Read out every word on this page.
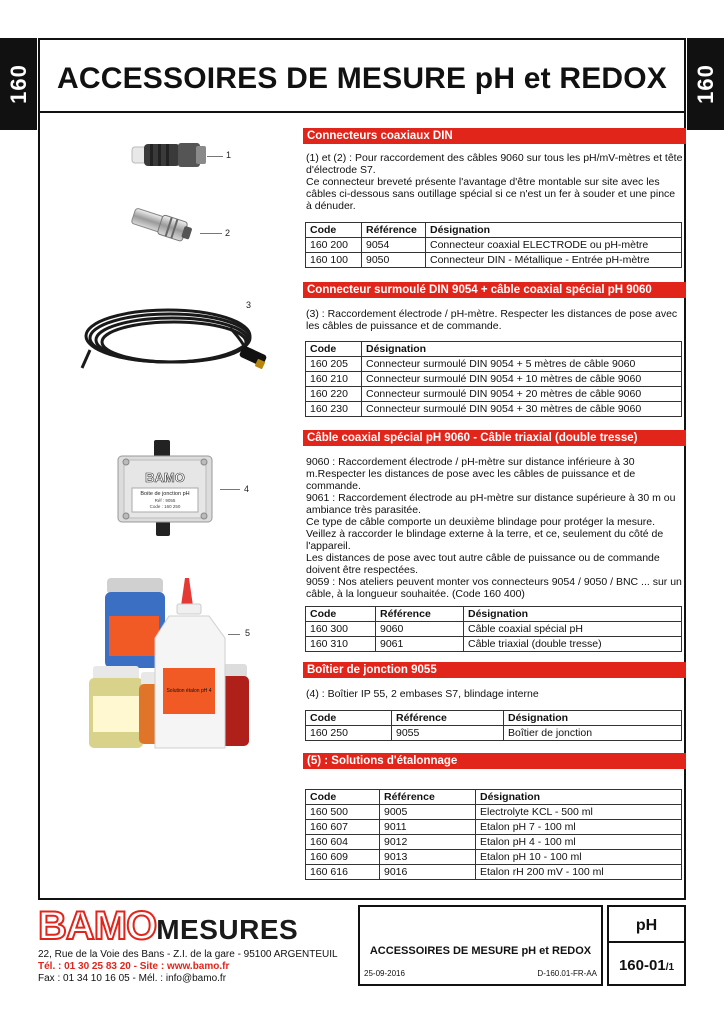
160	160
ACCESSOIRES DE MESURE pH et REDOX
1
2
3
BAMO
Boite de jonction pH
Réf : 9055
Code : 160 250
4
Solution étalon pH 4
5
Connecteurs coaxiaux DIN

(1) et (2) : Pour raccordement des câbles 9060 sur tous les pH/mV-mètres et tête d'électrode S7.

Ce connecteur breveté présente l'avantage d'être montable sur site avec les câbles ci-dessous sans outillage spécial si ce n'est un fer à souder et une pince à dénuder.

Code	Référence	Désignation
160 200	9054	Connecteur coaxial ELECTRODE ou pH-mètre
160 100	9050	Connecteur DIN - Métallique - Entrée pH-mètre
Connecteur surmoulé DIN 9054 + câble coaxial spécial pH 9060

(3) : Raccordement électrode / pH-mètre. Respecter les distances de pose avec les câbles de puissance et de commande.

Code	Désignation
160 205	Connecteur surmoulé DIN 9054 + 5 mètres de câble 9060
160 210	Connecteur surmoulé DIN 9054 + 10 mètres de câble 9060
160 220	Connecteur surmoulé DIN 9054 + 20 mètres de câble 9060
160 230	Connecteur surmoulé DIN 9054 + 30 mètres de câble 9060
Câble coaxial spécial pH 9060 - Câble triaxial (double tresse)

9060 : Raccordement électrode / pH-mètre sur distance inférieure à 30 m.Respecter les distances de pose avec les câbles de puissance et de commande.

9061 : Raccordement électrode au pH-mètre sur distance supérieure à 30 m ou ambiance très parasitée.

Ce type de câble comporte un deuxième blindage pour protéger la mesure. Veillez à raccorder le blindage externe à la terre, et ce, seulement du côté de l'appareil.

Les distances de pose avec tout autre câble de puissance ou de commande doivent être respectées.

9059 : Nos ateliers peuvent monter vos connecteurs 9054 / 9050 / BNC ... sur un câble, à la longueur souhaitée. (Code 160 400)

Code	Référence	Désignation
160 300	9060	Câble coaxial spécial pH
160 310	9061	Câble triaxial (double tresse)
Boîtier de jonction 9055

(4) : Boîtier IP 55, 2 embases S7, blindage interne

Code	Référence	Désignation
160 250	9055	Boîtier de jonction
(5) : Solutions d'étalonnage
Code	Référence	Désignation
160 500	9005	Electrolyte KCL - 500 ml
160 607	9011	Etalon pH 7 - 100 ml
160 604	9012	Etalon pH 4 - 100 ml
160 609	9013	Etalon pH 10 - 100 ml
160 616	9016	Etalon rH 200 mV - 100 ml
BAMOMESURES
22, Rue de la Voie des Bans - Z.I. de la gare - 95100 ARGENTEUIL
Tél. : 01 30 25 83 20 - Site : www.bamo.fr
Fax : 01 34 10 16 05 - Mél. : info@bamo.fr
ACCESSOIRES DE MESURE pH et REDOX
25-09-2016	D-160.01-FR-AA
pH
160-01/1
